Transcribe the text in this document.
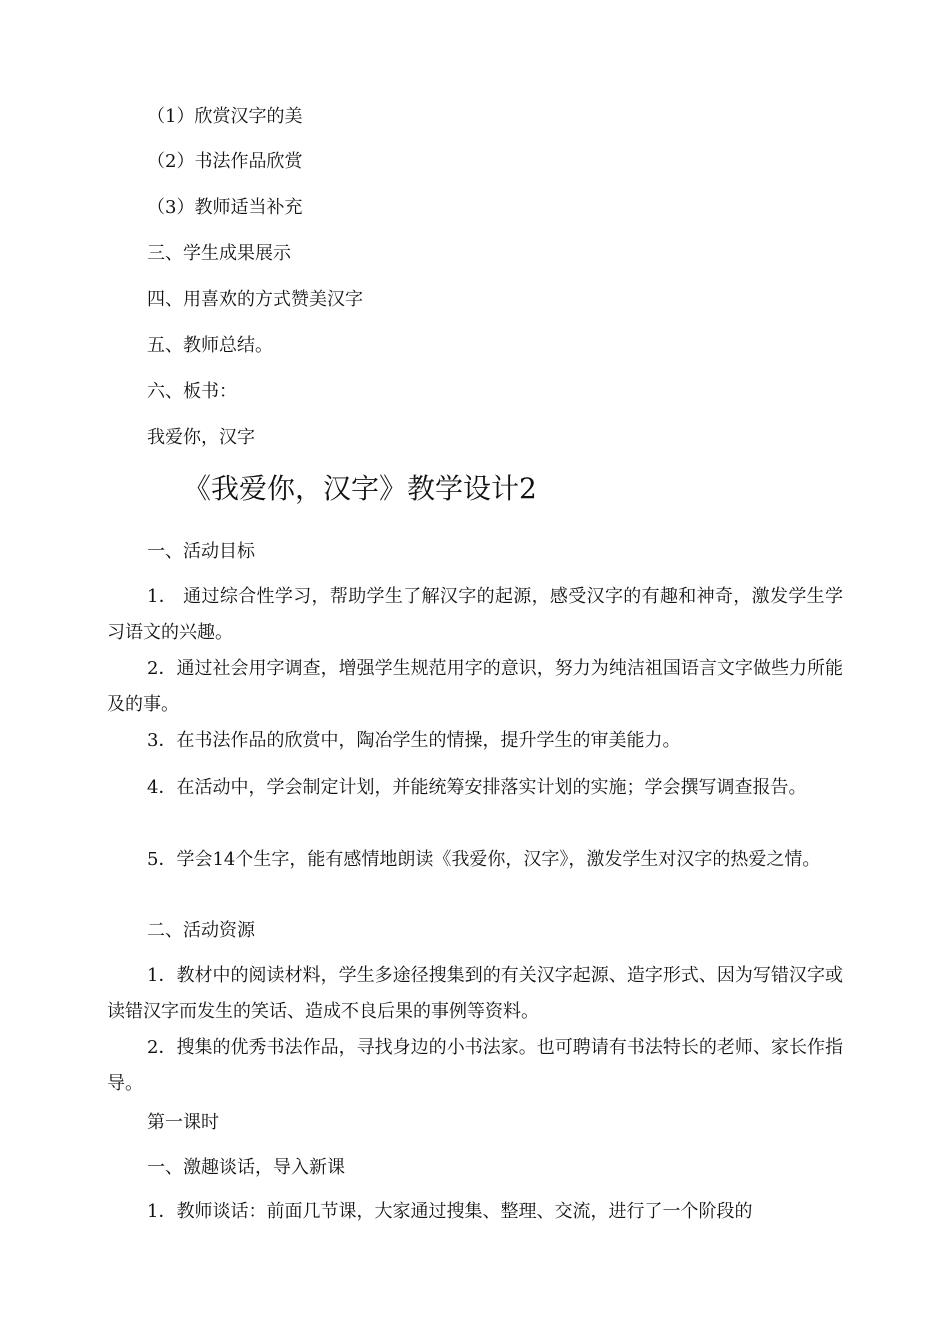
（1）欣赏汉字的美
（2）书法作品欣赏
（3）教师适当补充
三、学生成果展示
四、用喜欢的方式赞美汉字
五、教师总结。
六、板书：
我爱你，汉字
《我爱你，汉字》教学设计2
一、活动目标
1． 通过综合性学习，帮助学生了解汉字的起源，感受汉字的有趣和神奇，激发学生学习语文的兴趣。
2．通过社会用字调查，增强学生规范用字的意识，努力为纯洁祖国语言文字做些力所能及的事。
3．在书法作品的欣赏中，陶冶学生的情操，提升学生的审美能力。
4．在活动中，学会制定计划，并能统筹安排落实计划的实施；学会撰写调查报告。
5．学会14个生字，能有感情地朗读《我爱你，汉字》，激发学生对汉字的热爱之情。
二、活动资源
1．教材中的阅读材料，学生多途径搜集到的有关汉字起源、造字形式、因为写错汉字或读错汉字而发生的笑话、造成不良后果的事例等资料。
2．搜集的优秀书法作品，寻找身边的小书法家。也可聘请有书法特长的老师、家长作指导。
第一课时
一、激趣谈话，导入新课
1．教师谈话：前面几节课，大家通过搜集、整理、交流，进行了一个阶段的
